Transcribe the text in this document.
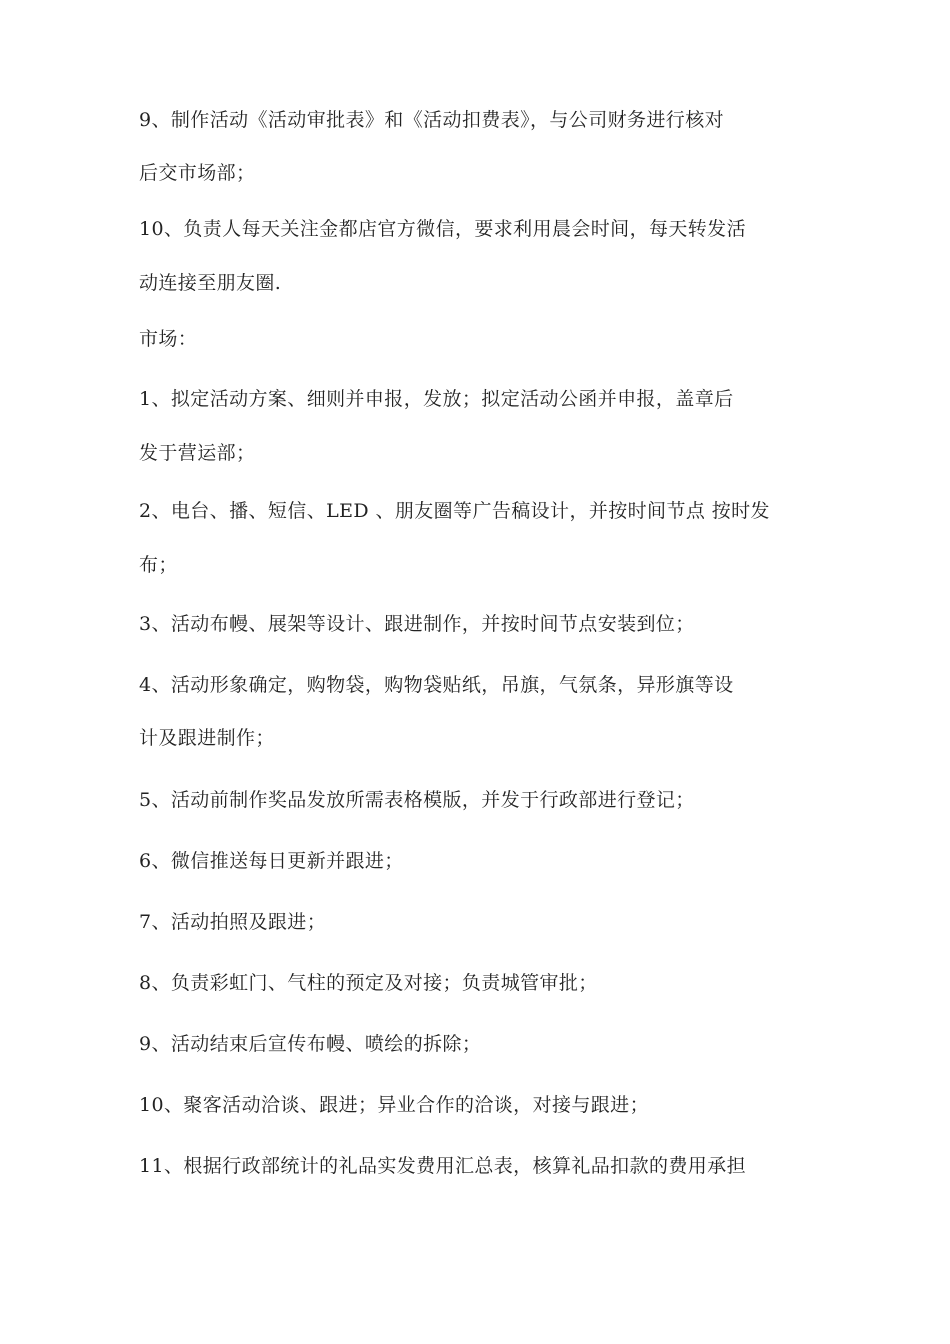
9、制作活动《活动审批表》和《活动扣费表》，与公司财务进行核对
后交市场部；
10、负责人每天关注金都店官方微信，要求利用晨会时间，每天转发活
动连接至朋友圈.
市场：
1、拟定活动方案、细则并申报，发放；拟定活动公函并申报，盖章后
发于营运部；
2、电台、播、短信、LED 、朋友圈等广告稿设计，并按时间节点 按时发
布；
3、活动布幔、展架等设计、跟进制作，并按时间节点安装到位；
4、活动形象确定，购物袋，购物袋贴纸，吊旗，气氛条，异形旗等设
计及跟进制作；
5、活动前制作奖品发放所需表格模版，并发于行政部进行登记；
6、微信推送每日更新并跟进；
7、活动拍照及跟进；
8、负责彩虹门、气柱的预定及对接；负责城管审批；
9、活动结束后宣传布幔、喷绘的拆除；
10、聚客活动洽谈、跟进；异业合作的洽谈，对接与跟进；
11、根据行政部统计的礼品实发费用汇总表，核算礼品扣款的费用承担
